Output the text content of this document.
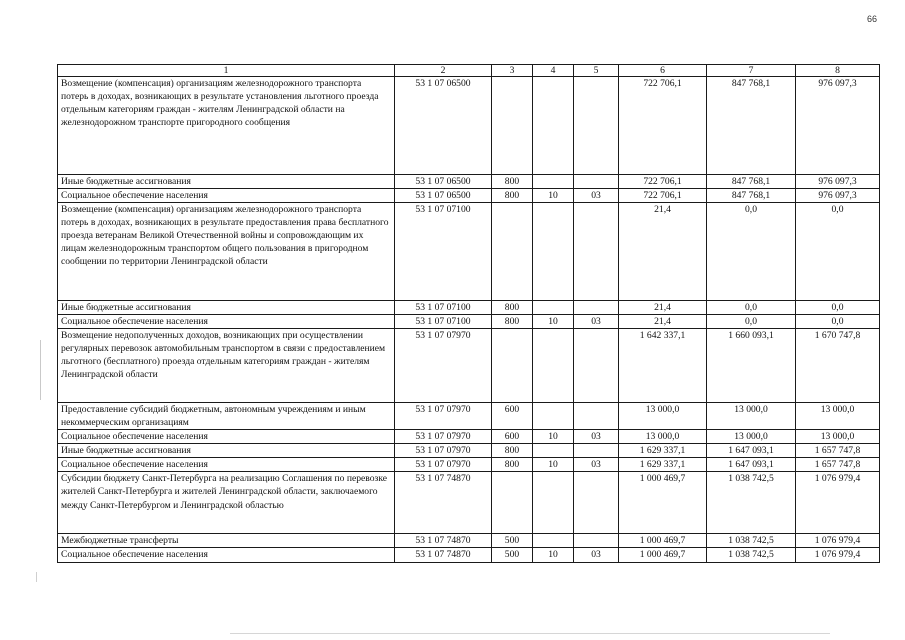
66
1	2	3	4	5	6	7	8
Возмещение (компенсация) организациям железнодорожного транспорта потерь в доходах, возникающих в результате установления льготного проезда отдельным категориям граждан - жителям Ленинградской области на железнодорожном транспорте пригородного сообщения	53 1 07 06500				722 706,1	847 768,1	976 097,3
Иные бюджетные ассигнования	53 1 07 06500	800			722 706,1	847 768,1	976 097,3
Социальное обеспечение населения	53 1 07 06500	800	10	03	722 706,1	847 768,1	976 097,3
Возмещение (компенсация) организациям железнодорожного транспорта потерь в доходах, возникающих в результате предоставления права бесплатного проезда ветеранам Великой Отечественной войны и сопровождающим их лицам железнодорожным транспортом общего пользования в пригородном сообщении по территории Ленинградской области	53 1 07 07100				21,4	0,0	0,0
Иные бюджетные ассигнования	53 1 07 07100	800			21,4	0,0	0,0
Социальное обеспечение населения	53 1 07 07100	800	10	03	21,4	0,0	0,0
Возмещение недополученных доходов, возникающих при осуществлении регулярных перевозок автомобильным транспортом в связи с предоставлением льготного (бесплатного) проезда отдельным категориям граждан - жителям Ленинградской области	53 1 07 07970				1 642 337,1	1 660 093,1	1 670 747,8
Предоставление субсидий бюджетным, автономным учреждениям и иным некоммерческим организациям	53 1 07 07970	600			13 000,0	13 000,0	13 000,0
Социальное обеспечение населения	53 1 07 07970	600	10	03	13 000,0	13 000,0	13 000,0
Иные бюджетные ассигнования	53 1 07 07970	800			1 629 337,1	1 647 093,1	1 657 747,8
Социальное обеспечение населения	53 1 07 07970	800	10	03	1 629 337,1	1 647 093,1	1 657 747,8
Субсидии бюджету Санкт-Петербурга на реализацию Соглашения по перевозке жителей Санкт-Петербурга и жителей Ленинградской области, заключаемого между Санкт-Петербургом и Ленинградской областью	53 1 07 74870				1 000 469,7	1 038 742,5	1 076 979,4
Межбюджетные трансферты	53 1 07 74870	500			1 000 469,7	1 038 742,5	1 076 979,4
Социальное обеспечение населения	53 1 07 74870	500	10	03	1 000 469,7	1 038 742,5	1 076 979,4
